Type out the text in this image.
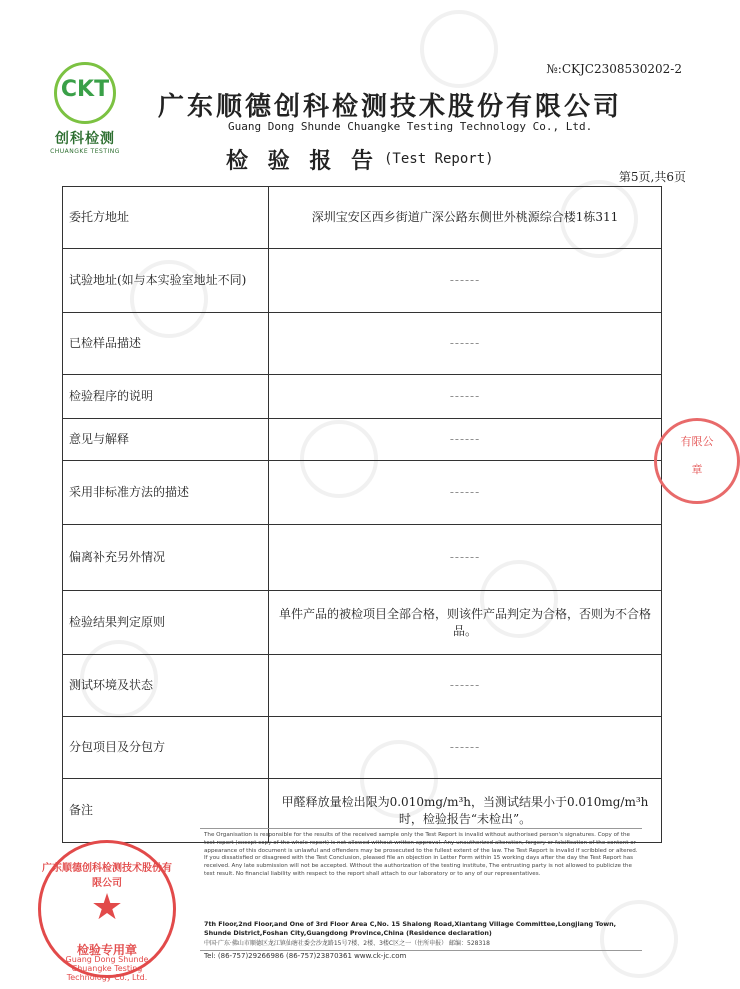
CKT
创科检测
CHUANGKE TESTING
№:CKJC2308530202-2
广东顺德创科检测技术股份有限公司
Guang Dong Shunde Chuangke Testing Technology Co., Ltd.
检 验 报 告 (Test Report)
第5页,共6页
委托方地址	深圳宝安区西乡街道广深公路东侧世外桃源综合楼1栋311
试验地址(如与本实验室地址不同)	------
已检样品描述	------
检验程序的说明	------
意见与解释	------
采用非标准方法的描述	------
偏离补充另外情况	------
检验结果判定原则	单件产品的被检项目全部合格，则该件产品判定为合格，否则为不合格品。
测试环境及状态	------
分包项目及分包方	------
备注	甲醛释放量检出限为0.010mg/m³h，当测试结果小于0.010mg/m³h时，检验报告“未检出”。
有限公
章
The Organisation is responsible for the results of the received sample only the Test Report is invalid without authorised person's signatures. Copy of the test report (except copy of the whole report) is not allowed without written approval. Any unauthorized alteration, forgery or falsification of the content or appearance of this document is unlawful and offenders may be prosecuted to the fullest extent of the law. The Test Report is invalid if scribbled or altered. If you dissatisfied or disagreed with the Test Conclusion, pleased file an objection in Letter Form within 15 working days after the day the Test Report has received. Any late submission will not be accepted. Without the authorization of the testing institute, The entrusting party is not allowed to publicize the test result. No financial liability with respect to the report shall attach to our laboratory or to any of our representatives.
7th Floor,2nd Floor,and One of 3rd Floor Area C,No. 15 Shalong Road,Xiantang Village Committee,Longjiang Town, Shunde District,Foshan City,Guangdong Province,China (Residence declaration)
中国·广东·佛山市顺德区龙江镇仙塘社委会沙龙路15号7楼、2楼、3楼C区之一（住所申报） 邮编：528318
Tel: (86-757)29266986 (86-757)23870361 www.ck-jc.com
广东顺德创科检测技术股份有限公司
★
检验专用章
Guang Dong Shunde Chuangke Testing Technology Co., Ltd.
